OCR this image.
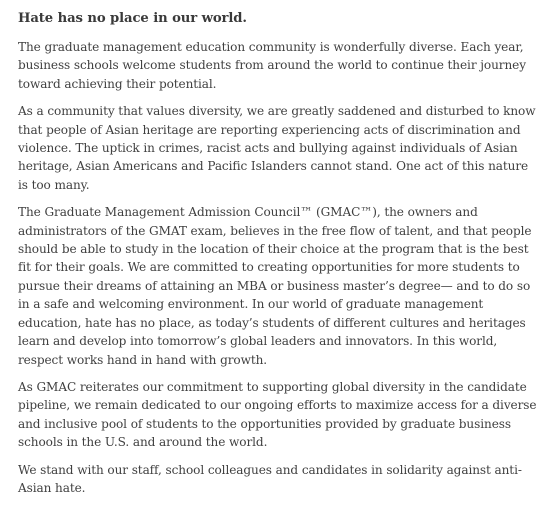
Hate has no place in our world.

The graduate management education community is wonderfully diverse. Each year, business schools welcome students from around the world to continue their journey toward achieving their potential.

As a community that values diversity, we are greatly saddened and disturbed to know that people of Asian heritage are reporting experiencing acts of discrimination and violence. The uptick in crimes, racist acts and bullying against individuals of Asian heritage, Asian Americans and Pacific Islanders cannot stand. One act of this nature is too many.

The Graduate Management Admission Council™ (GMAC™), the owners and administrators of the GMAT exam, believes in the free flow of talent, and that people should be able to study in the location of their choice at the program that is the best fit for their goals. We are committed to creating opportunities for more students to pursue their dreams of attaining an MBA or business master’s degree— and to do so in a safe and welcoming environment. In our world of graduate management education, hate has no place, as today’s students of different cultures and heritages learn and develop into tomorrow’s global leaders and innovators. In this world, respect works hand in hand with growth.

As GMAC reiterates our commitment to supporting global diversity in the candidate pipeline, we remain dedicated to our ongoing efforts to maximize access for a diverse and inclusive pool of students to the opportunities provided by graduate business schools in the U.S. and around the world.

We stand with our staff, school colleagues and candidates in solidarity against anti-Asian hate.
